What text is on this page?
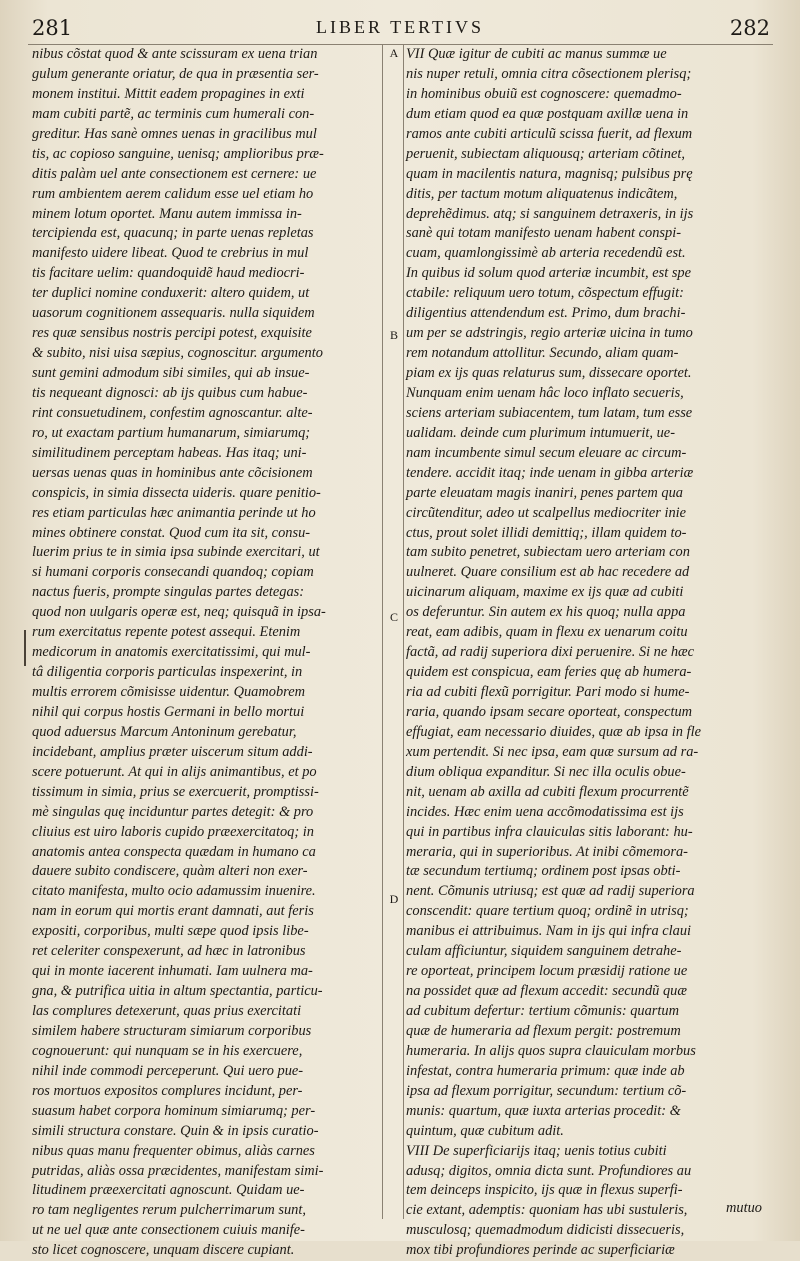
281	LIBER TERTIVS	282
A
B
C
D
nibus cõstat quod & ante scissuram ex uena trian
gulum generante oriatur, de qua in præsentia ser-
monem institui. Mittit eadem propagines in exti
mam cubiti partẽ, ac terminis cum humerali con-
greditur. Has sanè omnes uenas in gracilibus mul
tis, ac copioso sanguine, uenisq; amplioribus præ-
ditis palàm uel ante consectionem est cernere: ue
rum ambientem aerem calidum esse uel etiam ho
minem lotum oportet. Manu autem immissa in-
tercipienda est, quacunq; in parte uenas repletas
manifesto uidere libeat. Quod te crebrius in mul
tis facitare uelim: quandoquidẽ haud mediocri-
ter duplici nomine conduxerit: altero quidem, ut
uasorum cognitionem assequaris. nulla siquidem
res quæ sensibus nostris percipi potest, exquisite
& subito, nisi uisa sæpius, cognoscitur. argumento
sunt gemini admodum sibi similes, qui ab insue-
tis nequeant dignosci: ab ijs quibus cum habue-
rint consuetudinem, confestim agnoscantur. alte-
ro, ut exactam partium humanarum, simiarumq;
similitudinem perceptam habeas. Has itaq; uni-
uersas uenas quas in hominibus ante cõcisionem
conspicis, in simia dissecta uideris. quare penitio-
res etiam particulas hæc animantia perinde ut ho
mines obtinere constat. Quod cum ita sit, consu-
luerim prius te in simia ipsa subinde exercitari, ut
si humani corporis consecandi quandoq; copiam
nactus fueris, prompte singulas partes detegas:
quod non uulgaris operæ est, neq; quisquã in ipsa-
rum exercitatus repente potest assequi. Etenim
medicorum in anatomis exercitatissimi, qui mul-
tâ diligentia corporis particulas inspexerint, in
multis errorem cõmisisse uidentur. Quamobrem
nihil qui corpus hostis Germani in bello mortui
quod aduersus Marcum Antoninum gerebatur,
incidebant, amplius præter uiscerum situm addi-
scere potuerunt. At qui in alijs animantibus, et po
tissimum in simia, prius se exercuerit, promptissi-
mè singulas quę inciduntur partes detegit: & pro
cliuius est uiro laboris cupido præexercitatoq; in
anatomis antea conspecta quædam in humano ca
dauere subito condiscere, quàm alteri non exer-
citato manifesta, multo ocio adamussim inuenire.
nam in eorum qui mortis erant damnati, aut feris
expositi, corporibus, multi sæpe quod ipsis libe-
ret celeriter conspexerunt, ad hæc in latronibus
qui in monte iacerent inhumati. Iam uulnera ma-
gna, & putrifica uitia in altum spectantia, particu-
las complures detexerunt, quas prius exercitati
similem habere structuram simiarum corporibus
cognouerunt: qui nunquam se in his exercuere,
nihil inde commodi perceperunt. Qui uero pue-
ros mortuos expositos complures incidunt, per-
suasum habet corpora hominum simiarumq; per-
simili structura constare. Quin & in ipsis curatio-
nibus quas manu frequenter obimus, aliàs carnes
putridas, aliàs ossa præcidentes, manifestam simi-
litudinem præexercitati agnoscunt. Quidam ue-
ro tam negligentes rerum pulcherrimarum sunt,
ut ne uel quæ ante consectionem cuiuis manife-
sto licet cognoscere, unquam discere cupiant.
VII Quæ igitur de cubiti ac manus summæ ue
nis nuper retuli, omnia citra cõsectionem plerisq;
in hominibus obuiũ est cognoscere: quemadmo-
dum etiam quod ea quæ postquam axillæ uena in
ramos ante cubiti articulũ scissa fuerit, ad flexum
peruenit, subiectam aliquousq; arteriam cõtinet,
quam in macilentis natura, magnisq; pulsibus prę
ditis, per tactum motum aliquatenus indicãtem,
deprehẽdimus. atq; si sanguinem detraxeris, in ijs
sanè qui totam manifesto uenam habent conspi-
cuam, quamlongissimè ab arteria recedendũ est.
In quibus id solum quod arteriæ incumbit, est spe
ctabile: reliquum uero totum, cõspectum effugit:
diligentius attendendum est. Primo, dum brachi-
um per se adstringis, regio arteriæ uicina in tumo
rem notandum attollitur. Secundo, aliam quam-
piam ex ijs quas relaturus sum, dissecare oportet.
Nunquam enim uenam hâc loco inflato secueris,
sciens arteriam subiacentem, tum latam, tum esse
ualidam. deinde cum plurimum intumuerit, ue-
nam incumbente simul secum eleuare ac circum-
tendere. accidit itaq; inde uenam in gibba arteriæ
parte eleuatam magis inaniri, penes partem qua
circũtenditur, adeo ut scalpellus mediocriter inie
ctus, prout solet illidi demittiq;, illam quidem to-
tam subito penetret, subiectam uero arteriam con
uulneret. Quare consilium est ab hac recedere ad
uicinarum aliquam, maxime ex ijs quæ ad cubiti
os deferuntur. Sin autem ex his quoq; nulla appa
reat, eam adibis, quam in flexu ex uenarum coitu
factã, ad radij superiora dixi peruenire. Si ne hæc
quidem est conspicua, eam feries quę ab humera-
ria ad cubiti flexũ porrigitur. Pari modo si hume-
raria, quando ipsam secare oporteat, conspectum
effugiat, eam necessario diuides, quæ ab ipsa in fle
xum pertendit. Si nec ipsa, eam quæ sursum ad ra-
dium obliqua expanditur. Si nec illa oculis obue-
nit, uenam ab axilla ad cubiti flexum procurrentẽ
incides. Hæc enim uena accõmodatissima est ijs
qui in partibus infra clauiculas sitis laborant: hu-
meraria, qui in superioribus. At inibi cõmemora-
tæ secundum tertiumq; ordinem post ipsas obti-
nent. Cõmunis utriusq; est quæ ad radij superiora
conscendit: quare tertium quoq; ordinẽ in utrisq;
manibus ei attribuimus. Nam in ijs qui infra claui
culam afficiuntur, siquidem sanguinem detrahe-
re oporteat, principem locum præsidij ratione ue
na possidet quæ ad flexum accedit: secundũ quæ
ad cubitum defertur: tertium cõmunis: quartum
quæ de humeraria ad flexum pergit: postremum
humeraria. In alijs quos supra clauiculam morbus
infestat, contra humeraria primum: quæ inde ab
ipsa ad flexum porrigitur, secundum: tertium cõ-
munis: quartum, quæ iuxta arterias procedit: &
quintum, quæ cubitum adit.
VIII De superficiarijs itaq; uenis totius cubiti
adusq; digitos, omnia dicta sunt. Profundiores au
tem deinceps inspicito, ijs quæ in flexus superfi-
cie extant, ademptis: quoniam has ubi sustuleris,
musculosq; quemadmodum didicisti dissecueris,
mox tibi profundiores perinde ac superficiariæ
mutuo
